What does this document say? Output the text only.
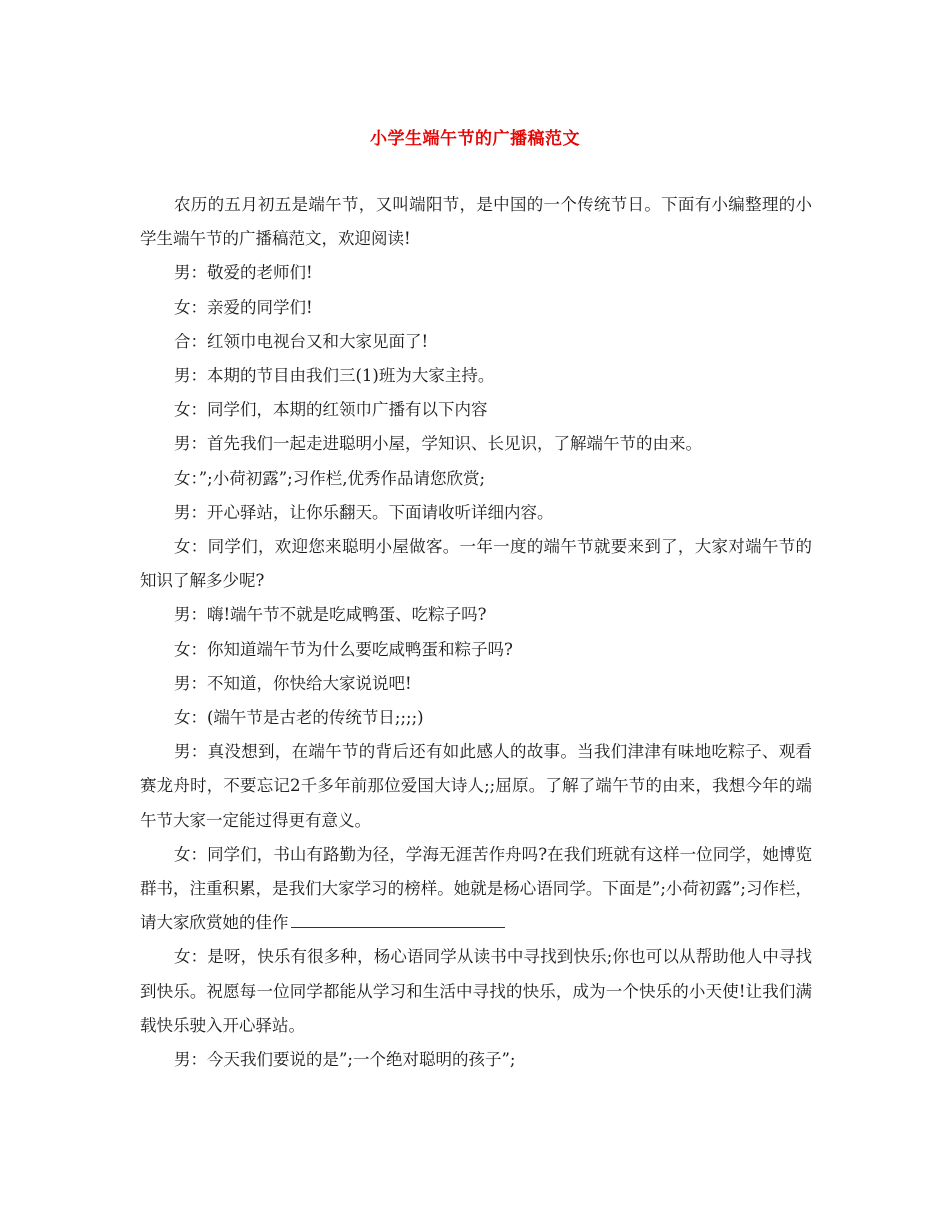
小学生端午节的广播稿范文

农历的五月初五是端午节，又叫端阳节，是中国的一个传统节日。下面有小编整理的小学生端午节的广播稿范文，欢迎阅读!

男：敬爱的老师们!

女：亲爱的同学们!

合：红领巾电视台又和大家见面了!

男：本期的节目由我们三(1)班为大家主持。

女：同学们，本期的红领巾广播有以下内容

男：首先我们一起走进聪明小屋，学知识、长见识，了解端午节的由来。

女：”;小荷初露”;习作栏,优秀作品请您欣赏;

男：开心驿站，让你乐翻天。下面请收听详细内容。

女：同学们，欢迎您来聪明小屋做客。一年一度的端午节就要来到了，大家对端午节的知识了解多少呢?

男：嗨!端午节不就是吃咸鸭蛋、吃粽子吗?

女：你知道端午节为什么要吃咸鸭蛋和粽子吗?

男：不知道，你快给大家说说吧!

女：(端午节是古老的传统节日;;;;)

男：真没想到，在端午节的背后还有如此感人的故事。当我们津津有味地吃粽子、观看赛龙舟时，不要忘记2千多年前那位爱国大诗人;;屈原。了解了端午节的由来，我想今年的端午节大家一定能过得更有意义。

女：同学们，书山有路勤为径，学海无涯苦作舟吗?在我们班就有这样一位同学，她博览群书，注重积累，是我们大家学习的榜样。她就是杨心语同学。下面是”;小荷初露”;习作栏，请大家欣赏她的佳作

女：是呀，快乐有很多种，杨心语同学从读书中寻找到快乐;你也可以从帮助他人中寻找到快乐。祝愿每一位同学都能从学习和生活中寻找的快乐，成为一个快乐的小天使!让我们满载快乐驶入开心驿站。

男：今天我们要说的是”;一个绝对聪明的孩子”;
